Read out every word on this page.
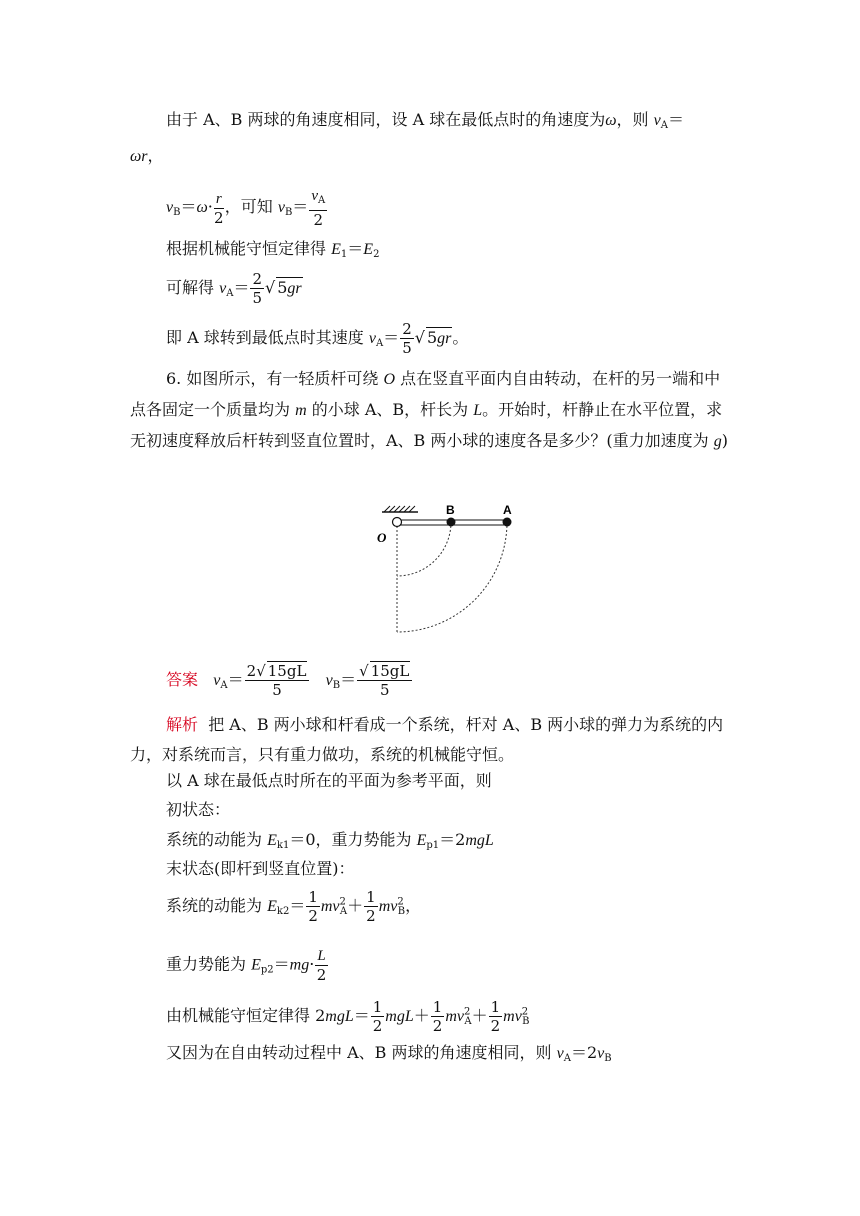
由于 A、B 两球的角速度相同，设 A 球在最低点时的角速度为ω，则 $v_A=$
ωr，
$v_B=\omega\cdot \frac{r}{2}$ ，可知 $v_B= \frac{v_A}{2}$
根据机械能守恒定律得 $E_1=E_2$
可解得 $v_A= \frac{2}{5}$ √ 5gr
即 A 球转到最低点时其速度 $v_A= \frac{2}{5}$ √ 5gr。
6. 如图所示，有一轻质杆可绕 O 点在竖直平面内自由转动，在杆的另一端和中点各固定一个质量均为 m 的小球 A、B，杆长为 L。开始时，杆静止在水平位置，求无初速度释放后杆转到竖直位置时，A、B 两小球的速度各是多少？(重力加速度为 g)
O
B	A
答案 $v_A= \frac{2 √ 15gL}{5} v_B=$ √ $\frac{15gL}{5}$
解析 把 A、B 两小球和杆看成一个系统，杆对 A、B 两小球的弹力为系统的内力，对系统而言，只有重力做功，系统的机械能守恒。
以 A 球在最低点时所在的平面为参考平面，则
初状态：
系统的动能为 $E_{k1}=0$，重力势能为 $E_{p1}=2mgL$
末状态(即杆到竖直位置)：
系统的动能为 $E_{k2}= \frac{1}{2} mv^2_A+ \frac{1}{2} mv^2_B$，
重力势能为 $E_{p2}=mg\cdot \frac{L}{2}$
由机械能守恒定律得 $2mgL= \frac{1}{2} mgL+ \frac{1}{2} mv^2_A+ \frac{1}{2} mv^2_B$
又因为在自由转动过程中 A、B 两球的角速度相同，则 $v_A=2v_B$
